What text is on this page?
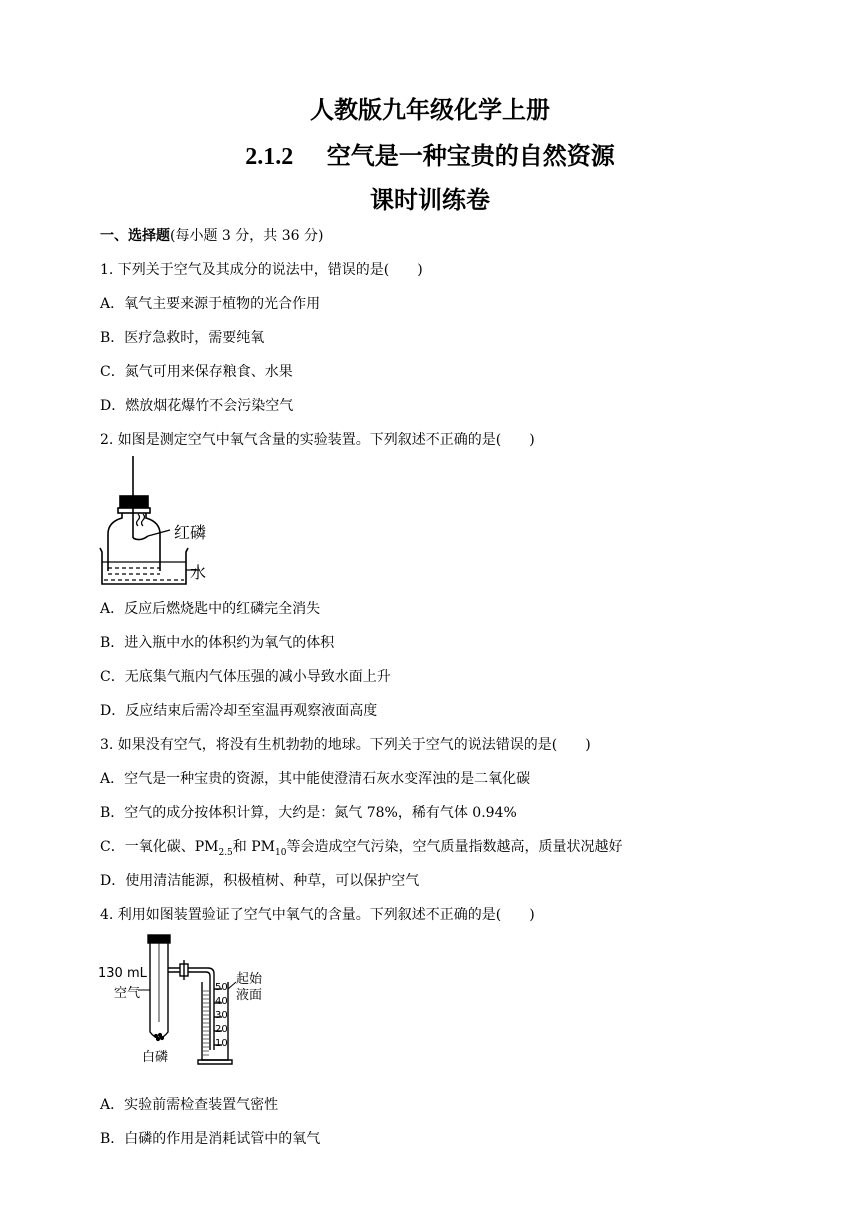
人教版九年级化学上册
2.1.2 空气是一种宝贵的自然资源
课时训练卷
一、选择题(每小题 3 分，共 36 分)
1. 下列关于空气及其成分的说法中，错误的是(　　)
A．氧气主要来源于植物的光合作用
B．医疗急救时，需要纯氧
C．氮气可用来保存粮食、水果
D．燃放烟花爆竹不会污染空气
2. 如图是测定空气中氧气含量的实验装置。下列叙述不正确的是(　　)
红磷
水
A．反应后燃烧匙中的红磷完全消失
B．进入瓶中水的体积约为氧气的体积
C．无底集气瓶内气体压强的减小导致水面上升
D．反应结束后需冷却至室温再观察液面高度
3. 如果没有空气，将没有生机勃勃的地球。下列关于空气的说法错误的是(　　)
A．空气是一种宝贵的资源，其中能使澄清石灰水变浑浊的是二氧化碳
B．空气的成分按体积计算，大约是：氮气 78%，稀有气体 0.94%
C．一氧化碳、$PM_{2.5}$和 $PM_{10}$等会造成空气污染，空气质量指数越高，质量状况越好
D．使用清洁能源，积极植树、种草，可以保护空气
4. 利用如图装置验证了空气中氧气的含量。下列叙述不正确的是(　　)
130 mL
空气
白磷
起始
液面
50
40
30
20
10
A．实验前需检查装置气密性
B．白磷的作用是消耗试管中的氧气
